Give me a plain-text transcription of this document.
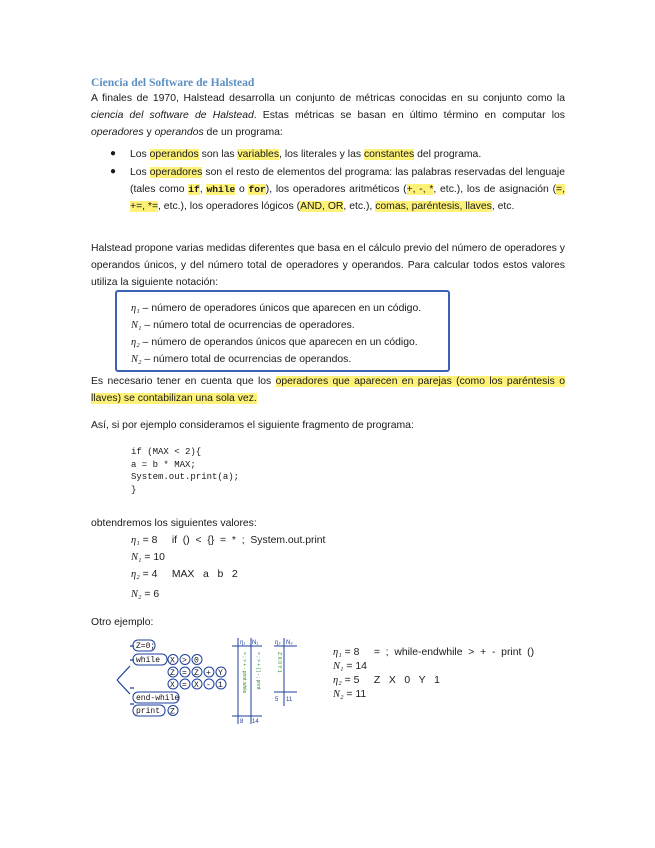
Ciencia del Software de Halstead
A finales de 1970, Halstead desarrolla un conjunto de métricas conocidas en su conjunto como la ciencia del software de Halstead. Estas métricas se basan en último término en computar los operadores y operandos de un programa:
● Los operandos son las variables, los literales y las constantes del programa.
● Los operadores son el resto de elementos del programa: las palabras reservadas del lenguaje (tales como if, while o for), los operadores aritméticos (+, -, *, etc.), los de asignación (=, +=, *=, etc.), los operadores lógicos (AND, OR, etc.), comas, paréntesis, llaves, etc.
Halstead propone varias medidas diferentes que basa en el cálculo previo del número de operadores y operandos únicos, y del número total de operadores y operandos. Para calcular todos estos valores utiliza la siguiente notación:
η₁ – número de operadores únicos que aparecen en un código.
N₁ – número total de ocurrencias de operadores.
η₂ – número de operandos únicos que aparecen en un código.
N₂ – número total de ocurrencias de operandos.
Es necesario tener en cuenta que los operadores que aparecen en parejas (como los paréntesis o llaves) se contabilizan una sola vez.
Así, si por ejemplo consideramos el siguiente fragmento de programa:
if (MAX < 2){
a = b * MAX;
System.out.print(a);
}
obtendremos los siguientes valores:
η₁ = 8     if  ()  <  {}  =  *  ;  System.out.print
N₁ = 10
η₂ = 4     MAX   a   b   2
N₂ = 6
Otro ejemplo:
Z=0;
while X > 0
Z = Z + Y
X = X - 1
end-while
print Z
η₁ N₁	η₂ N₂
8 14
5 11
= ; > + - print while = ; > + ( ) - ; print	Z X 0 Y 1	η₁ = 8     =  ;  while-endwhile  >  +  -  print  ()
N₁ = 14
η₂ = 5     Z   X   0   Y   1
N₂ = 11
